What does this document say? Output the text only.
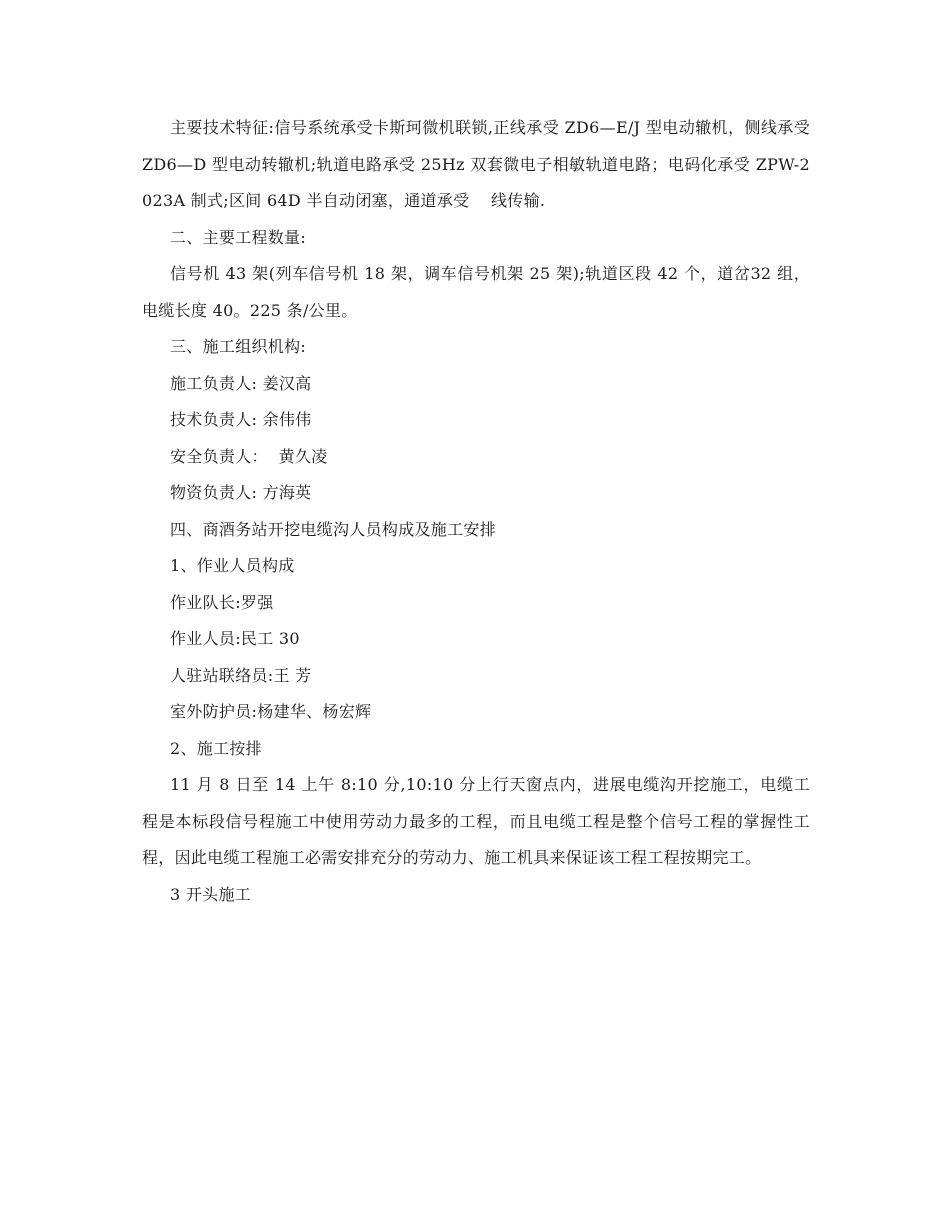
主要技术特征:信号系统承受卡斯珂微机联锁,正线承受 ZD6—E/J 型电动辙机，侧线承受 ZD6—D 型电动转辙机;轨道电路承受 25Hz 双套微电子相敏轨道电路；电码化承受 ZPW-2023A 制式;区间 64D 半自动闭塞，通道承受    线传输.

二、主要工程数量:

信号机 43 架(列车信号机 18 架，调车信号机架 25 架);轨道区段 42 个，道岔32 组，电缆长度 40。225 条/公里。

三、施工组织机构:

施工负责人: 姜汉高

技术负责人: 余伟伟

安全负责人：  黄久凌

物资负责人: 方海英

四、商酒务站开挖电缆沟人员构成及施工安排

1、作业人员构成

作业队长:罗强

作业人员:民工 30

人驻站联络员:王 芳

室外防护员:杨建华、杨宏辉

2、施工按排

11 月 8 日至 14 上午 8:10 分,10:10 分上行天窗点内，进展电缆沟开挖施工，电缆工程是本标段信号程施工中使用劳动力最多的工程，而且电缆工程是整个信号工程的掌握性工程，因此电缆工程施工必需安排充分的劳动力、施工机具来保证该工程工程按期完工。

3 开头施工
